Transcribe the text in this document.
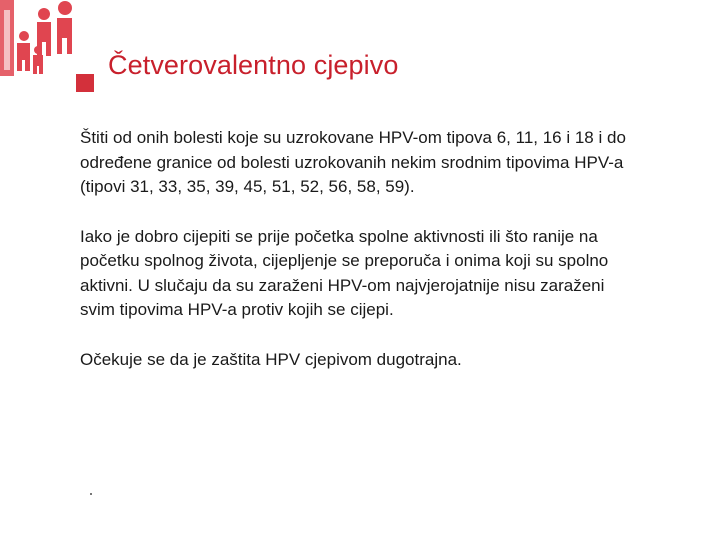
Četverovalentno cjepivo

Štiti od onih bolesti koje su uzrokovane HPV-om tipova 6, 11, 16 i 18 i do određene granice od bolesti uzrokovanih nekim srodnim tipovima HPV-a (tipovi 31, 33, 35, 39, 45, 51, 52, 56, 58, 59).

Iako je dobro cijepiti se prije početka spolne aktivnosti ili što ranije na početku spolnog života, cijepljenje se preporuča i onima koji su spolno aktivni. U slučaju da su zaraženi HPV-om najvjerojatnije nisu zaraženi svim tipovima HPV-a protiv kojih se cijepi.

Očekuje se da je zaštita HPV cjepivom dugotrajna.
